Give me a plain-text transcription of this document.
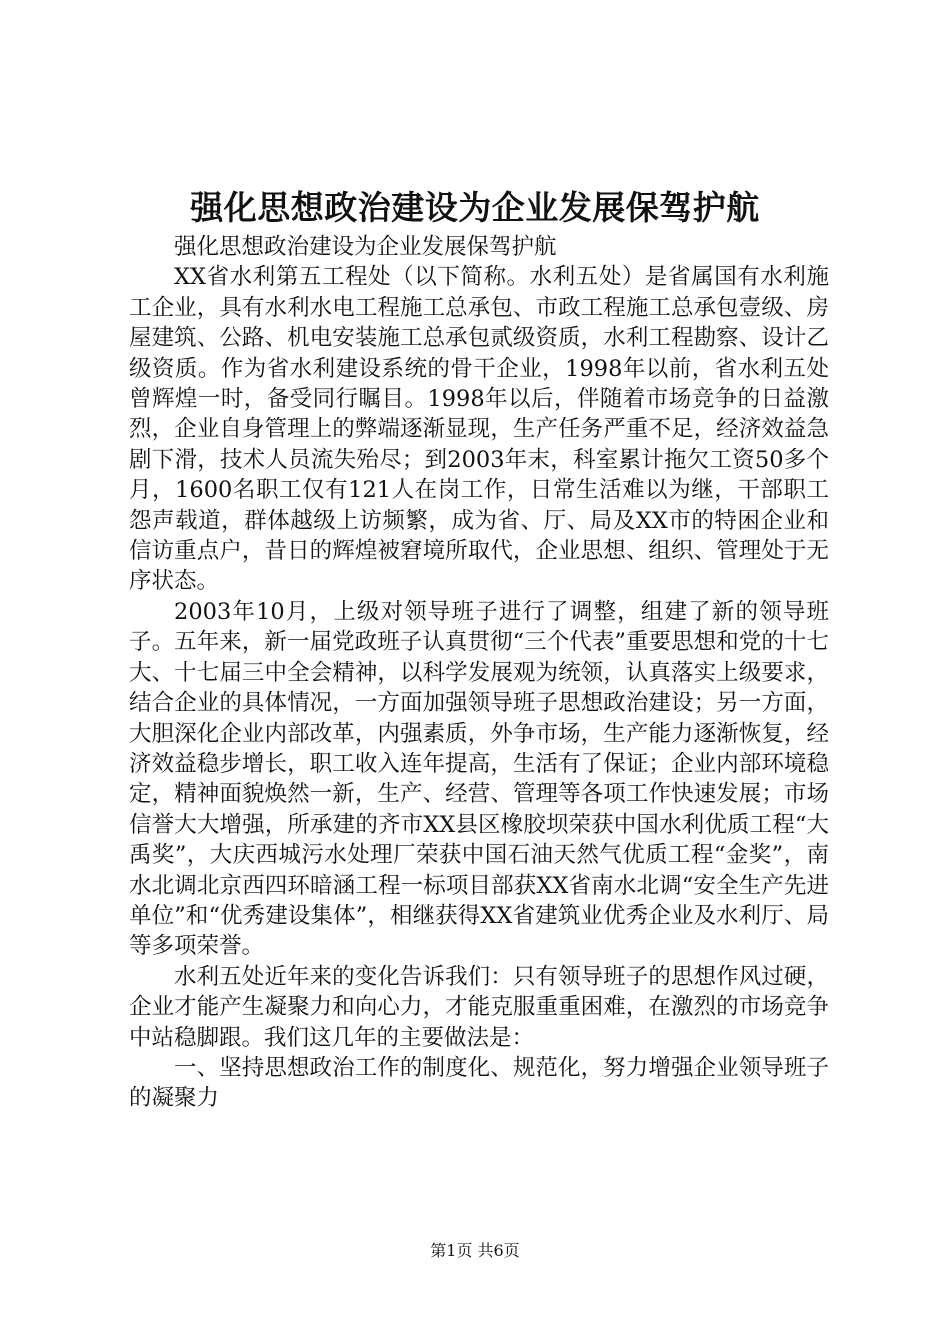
强化思想政治建设为企业发展保驾护航

强化思想政治建设为企业发展保驾护航

XX省水利第五工程处（以下简称。水利五处）是省属国有水利施工企业，具有水利水电工程施工总承包、市政工程施工总承包壹级、房屋建筑、公路、机电安装施工总承包贰级资质，水利工程勘察、设计乙级资质。作为省水利建设系统的骨干企业，1998年以前，省水利五处曾辉煌一时，备受同行瞩目。1998年以后，伴随着市场竞争的日益激烈，企业自身管理上的弊端逐渐显现，生产任务严重不足，经济效益急剧下滑，技术人员流失殆尽；到2003年末，科室累计拖欠工资50多个月，1600名职工仅有121人在岗工作，日常生活难以为继，干部职工怨声载道，群体越级上访频繁，成为省、厅、局及XX市的特困企业和信访重点户，昔日的辉煌被窘境所取代，企业思想、组织、管理处于无序状态。

2003年10月，上级对领导班子进行了调整，组建了新的领导班子。五年来，新一届党政班子认真贯彻“三个代表”重要思想和党的十七大、十七届三中全会精神，以科学发展观为统领，认真落实上级要求，结合企业的具体情况，一方面加强领导班子思想政治建设；另一方面，大胆深化企业内部改革，内强素质，外争市场，生产能力逐渐恢复，经济效益稳步增长，职工收入连年提高，生活有了保证；企业内部环境稳定，精神面貌焕然一新，生产、经营、管理等各项工作快速发展；市场信誉大大增强，所承建的齐市XX县区橡胶坝荣获中国水利优质工程“大禹奖”，大庆西城污水处理厂荣获中国石油天然气优质工程“金奖”，南水北调北京西四环暗涵工程一标项目部获XX省南水北调“安全生产先进单位”和“优秀建设集体”，相继获得XX省建筑业优秀企业及水利厅、局等多项荣誉。

水利五处近年来的变化告诉我们：只有领导班子的思想作风过硬，企业才能产生凝聚力和向心力，才能克服重重困难，在激烈的市场竞争中站稳脚跟。我们这几年的主要做法是：

一、坚持思想政治工作的制度化、规范化，努力增强企业领导班子的凝聚力

第1页 共6页
